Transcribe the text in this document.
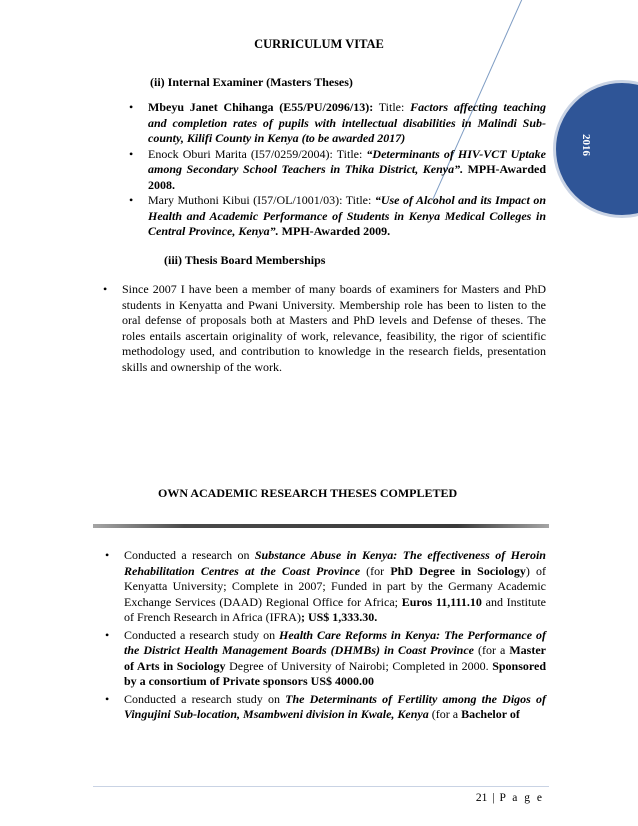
2016
CURRICULUM VITAE
(ii) Internal Examiner (Masters Theses)
• Mbeyu Janet Chihanga (E55/PU/2096/13): Title: Factors affecting teaching and completion rates of pupils with intellectual disabilities in Malindi Sub-county, Kilifi County in Kenya (to be awarded 2017)
• Enock Oburi Marita (I57/0259/2004): Title: “Determinants of HIV-VCT Uptake among Secondary School Teachers in Thika District, Kenya”. MPH-Awarded 2008.
• Mary Muthoni Kibui (I57/OL/1001/03): Title: “Use of Alcohol and its Impact on Health and Academic Performance of Students in Kenya Medical Colleges in Central Province, Kenya”. MPH-Awarded 2009.
(iii) Thesis Board Memberships
• Since 2007 I have been a member of many boards of examiners for Masters and PhD students in Kenyatta and Pwani University. Membership role has been to listen to the oral defense of proposals both at Masters and PhD levels and Defense of theses. The roles entails ascertain originality of work, relevance, feasibility, the rigor of scientific methodology used, and contribution to knowledge in the research fields, presentation skills and ownership of the work.
OWN ACADEMIC RESEARCH THESES COMPLETED
• Conducted a research on Substance Abuse in Kenya: The effectiveness of Heroin Rehabilitation Centres at the Coast Province (for PhD Degree in Sociology) of Kenyatta University; Complete in 2007; Funded in part by the Germany Academic Exchange Services (DAAD) Regional Office for Africa; Euros 11,111.10 and Institute of French Research in Africa (IFRA); US$ 1,333.30.
• Conducted a research study on Health Care Reforms in Kenya: The Performance of the District Health Management Boards (DHMBs) in Coast Province (for a Master of Arts in Sociology Degree of University of Nairobi; Completed in 2000. Sponsored by a consortium of Private sponsors US$ 4000.00
• Conducted a research study on The Determinants of Fertility among the Digos of Vingujini Sub-location, Msambweni division in Kwale, Kenya (for a Bachelor of
21 | P a g e
